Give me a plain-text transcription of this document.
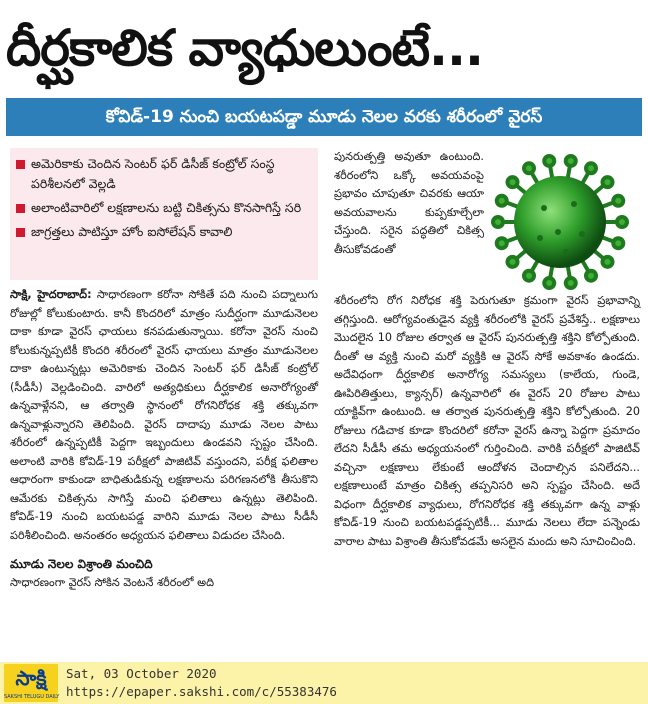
దీర్ఘకాలిక వ్యాధులుంటే...
కోవిడ్‌-19 నుంచి బయటపడ్డా మూడు నెలల వరకు శరీరంలో వైరస్‌
అమెరికాకు చెందిన సెంటర్‌ ఫర్‌ డిసీజ్‌ కంట్రోల్‌ సంస్థ పరిశీలనలో వెల్లడి
అలాంటివారిలో లక్షణాలను బట్టి చికిత్సను కొనసాగిస్తే సరి
జాగ్రత్తలు పాటిస్తూ హోం ఐసోలేషన్‌ కావాలి

సాక్షి, హైదరాబాద్‌: సాధారణంగా కరోనా సోకితే పది నుంచి పద్నాలుగు రోజుల్లో కోలుకుంటారు. కానీ కొందరిలో మాత్రం సుదీర్ఘంగా మూడునెలల దాకా కూడా వైరస్‌ ఛాయలు కనపడుతున్నాయి. కరోనా వైరస్‌ నుంచి కోలుకున్నప్పటికీ కొందరి శరీరంలో వైరస్‌ ఛాయలు మాత్రం మూడునెలల దాకా ఉంటున్నట్లు అమెరికాకు చెందిన సెంటర్‌ ఫర్‌ డిసీజ్‌ కంట్రోల్‌ (సీడీసీ) వెల్లడించింది. వారిలో అత్యధికులు దీర్ఘకాలిక అనారోగ్యంతో ఉన్నవాళ్లేనని, ఆ తర్వాతి స్థానంలో రోగనిరోధక శక్తి తక్కువగా ఉన్నవాళ్లున్నారని తెలిపింది. వైరస్‌ దాదాపు మూడు నెలల పాటు శరీరంలో ఉన్నప్పటికీ పెద్దగా ఇబ్బందులు ఉండవని స్పష్టం చేసింది. అలాంటి వారికి కోవిడ్‌-19 పరీక్షలో పాజిటివ్‌ వస్తుందని, పరీక్ష ఫలితాల ఆధారంగా కాకుండా బాధితుడికున్న లక్షణాలను పరిగణనలోకి తీసుకొని ఆమేరకు చికిత్సను సాగిస్తే మంచి ఫలితాలు ఉన్నట్లు తెలిపింది. కోవిడ్‌-19 నుంచి బయటపడ్డ వారిని మూడు నెలల పాటు సీడీసీ పరిశీలించింది. అనంతరం అధ్యయన ఫలితాలు విడుదల చేసింది.

మూడు నెలల విశ్రాంతి మంచిది

సాధారణంగా వైరస్‌ సోకిన వెంటనే శరీరంలో అది

పునరుత్పత్తి అవుతూ ఉంటుంది. శరీరంలోని ఒక్కో అవయవంపై ప్రభావం చూపుతూ చివరకు ఆయా అవయవాలను కుప్పకూల్చేలా చేస్తుంది. సరైన పద్ధతిలో చికిత్స తీసుకోవడంతో

శరీరంలోని రోగ నిరోధక శక్తి పెరుగుతూ క్రమంగా వైరస్‌ ప్రభావాన్ని తగ్గిస్తుంది. ఆరోగ్యవంతుడైన వ్యక్తి శరీరంలోకి వైరస్‌ ప్రవేశిస్తే.. లక్షణాలు మొదలైన 10 రోజుల తర్వాత ఆ వైరస్‌ పునరుత్పత్తి శక్తిని కోల్పోతుంది. దీంతో ఆ వ్యక్తి నుంచి మరో వ్యక్తికి ఆ వైరస్‌ సోకే అవకాశం ఉండదు. అదేవిధంగా దీర్ఘకాలిక అనారోగ్య సమస్యలు (కాలేయ, గుండె, ఊపిరితిత్తులు, క్యాన్సర్‌) ఉన్నవారిలో ఈ వైరస్‌ 20 రోజుల పాటు యాక్టివ్‌గా ఉంటుంది. ఆ తర్వాత పునరుత్పత్తి శక్తిని కోల్పోతుంది. 20 రోజులు గడిచాక కూడా కొందరిలో కరోనా వైరస్‌ ఉన్నా పెద్దగా ప్రమాదం లేదని సీడీసీ తమ అధ్యయనంలో గుర్తించింది. వారికి పరీక్షలో పాజిటివ్‌ వచ్చినా లక్షణాలు లేకుంటే ఆందోళన చెందాల్సిన పనిలేదని... లక్షణాలుంటే మాత్రం చికిత్స తప్పనిసరి అని స్పష్టం చేసింది. అదే విధంగా దీర్ఘకాలిక వ్యాధులు, రోగనిరోధక శక్తి తక్కువగా ఉన్న వాళ్లు కోవిడ్‌-19 నుంచి బయటపడ్డప్పటికీ... మూడు నెలలు లేదా పన్నెండు వారాల పాటు విశ్రాంతి తీసుకోవడమే అసలైన మందు అని సూచించింది.

సాక్షి
SAKSHI TELUGU DAILY
Sat, 03 October 2020
https://epaper.sakshi.com/c/55383476
